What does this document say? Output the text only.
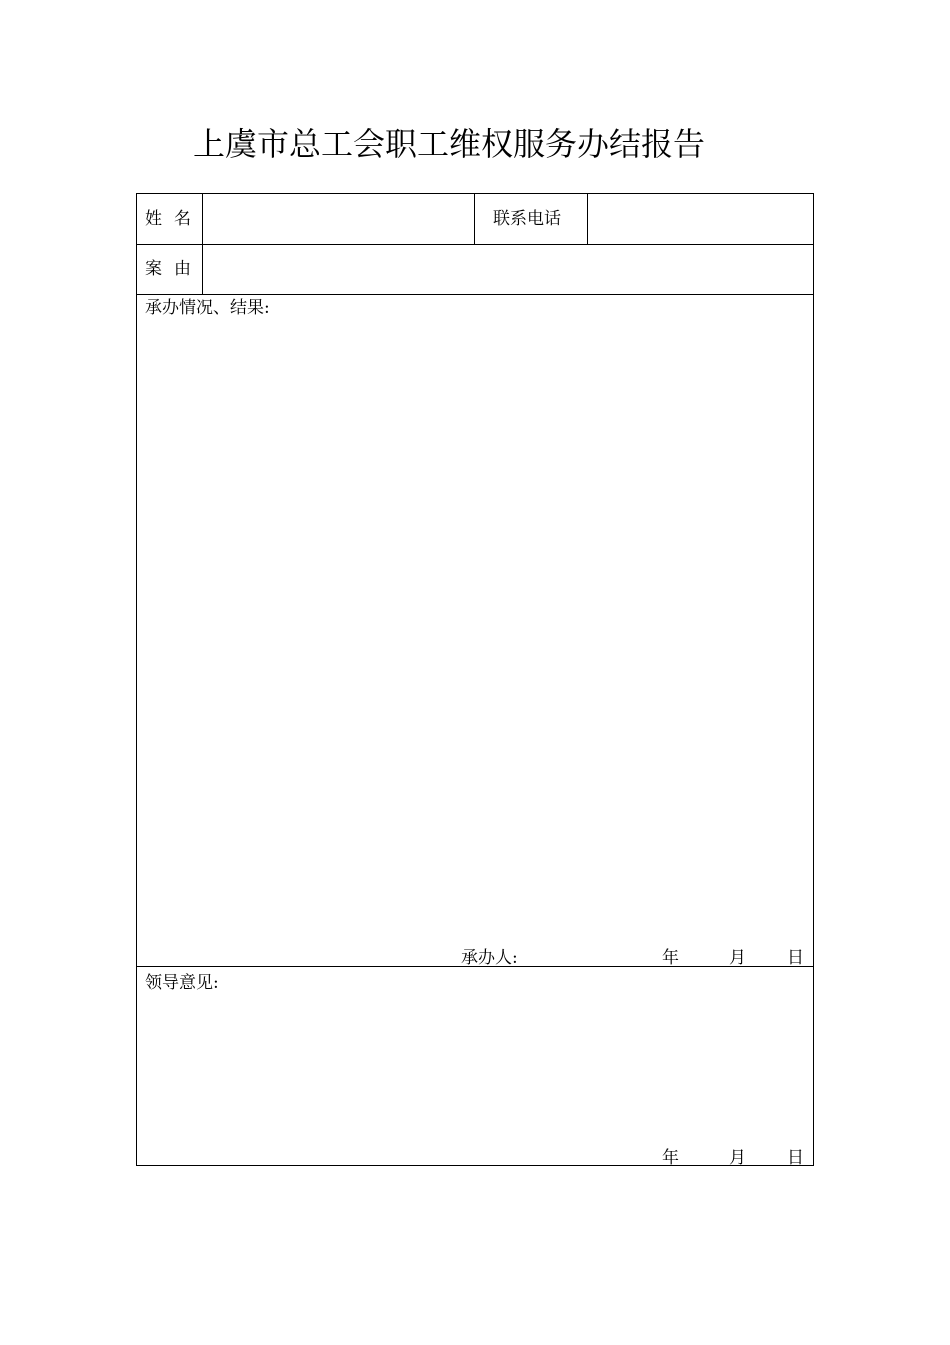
上虞市总工会职工维权服务办结报告
姓名	联系电话
案由
承办情况、结果:
承办人:	年	月 日
领导意见:
年	月 日
